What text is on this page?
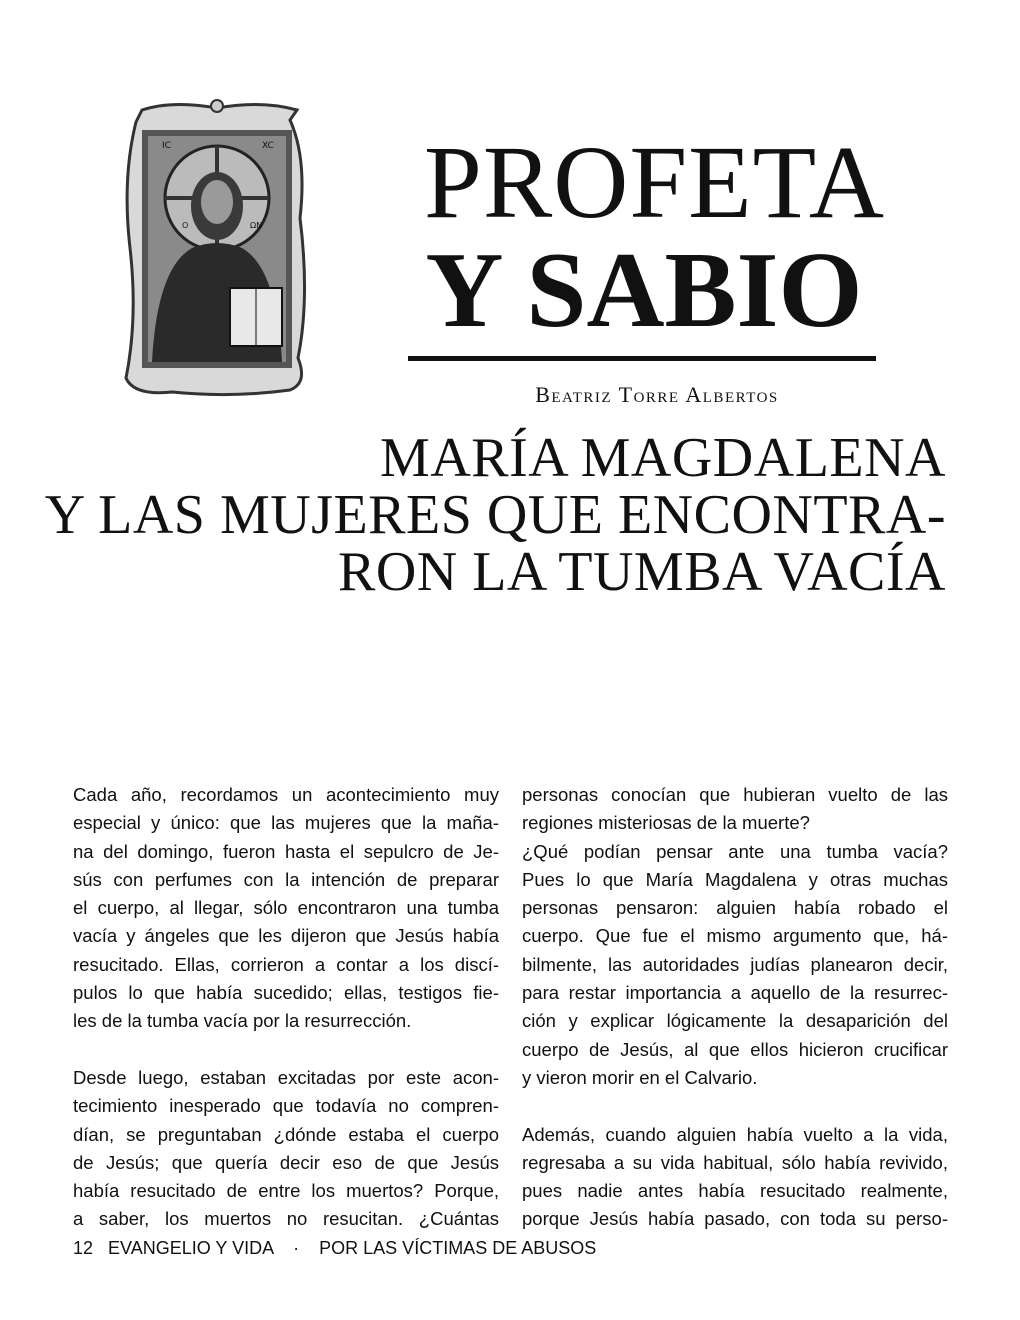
IC	XC
O	ΩN PROFETA
Y SABIO
Beatriz Torre Albertos
MARÍA MAGDALENA
Y LAS MUJERES QUE ENCONTRA-
RON LA TUMBA VACÍA
Cada año, recordamos un acontecimiento muy
especial y único: que las mujeres que la maña-
na del domingo, fueron hasta el sepulcro de Je-
sús con perfumes con la intención de preparar
el cuerpo, al llegar, sólo encontraron una tumba
vacía y ángeles que les dijeron que Jesús había
resucitado. Ellas, corrieron a contar a los discí-
pulos lo que había sucedido; ellas, testigos fie-
les de la tumba vacía por la resurrección.
Desde luego, estaban excitadas por este acon-
tecimiento inesperado que todavía no compren-
dían, se preguntaban ¿dónde estaba el cuerpo
de Jesús; que quería decir eso de que Jesús
había resucitado de entre los muertos? Porque,
a saber, los muertos no resucitan. ¿Cuántas
personas conocían que hubieran vuelto de las
regiones misteriosas de la muerte?
¿Qué podían pensar ante una tumba vacía?
Pues lo que María Magdalena y otras muchas
personas pensaron: alguien había robado el
cuerpo. Que fue el mismo argumento que, há-
bilmente, las autoridades judías planearon decir,
para restar importancia a aquello de la resurrec-
ción y explicar lógicamente la desaparición del
cuerpo de Jesús, al que ellos hicieron crucificar
y vieron morir en el Calvario.
Además, cuando alguien había vuelto a la vida,
regresaba a su vida habitual, sólo había revivido,
pues nadie antes había resucitado realmente,
porque Jesús había pasado, con toda su perso-
12 EVANGELIO Y VIDA · POR LAS VÍCTIMAS DE ABUSOS
